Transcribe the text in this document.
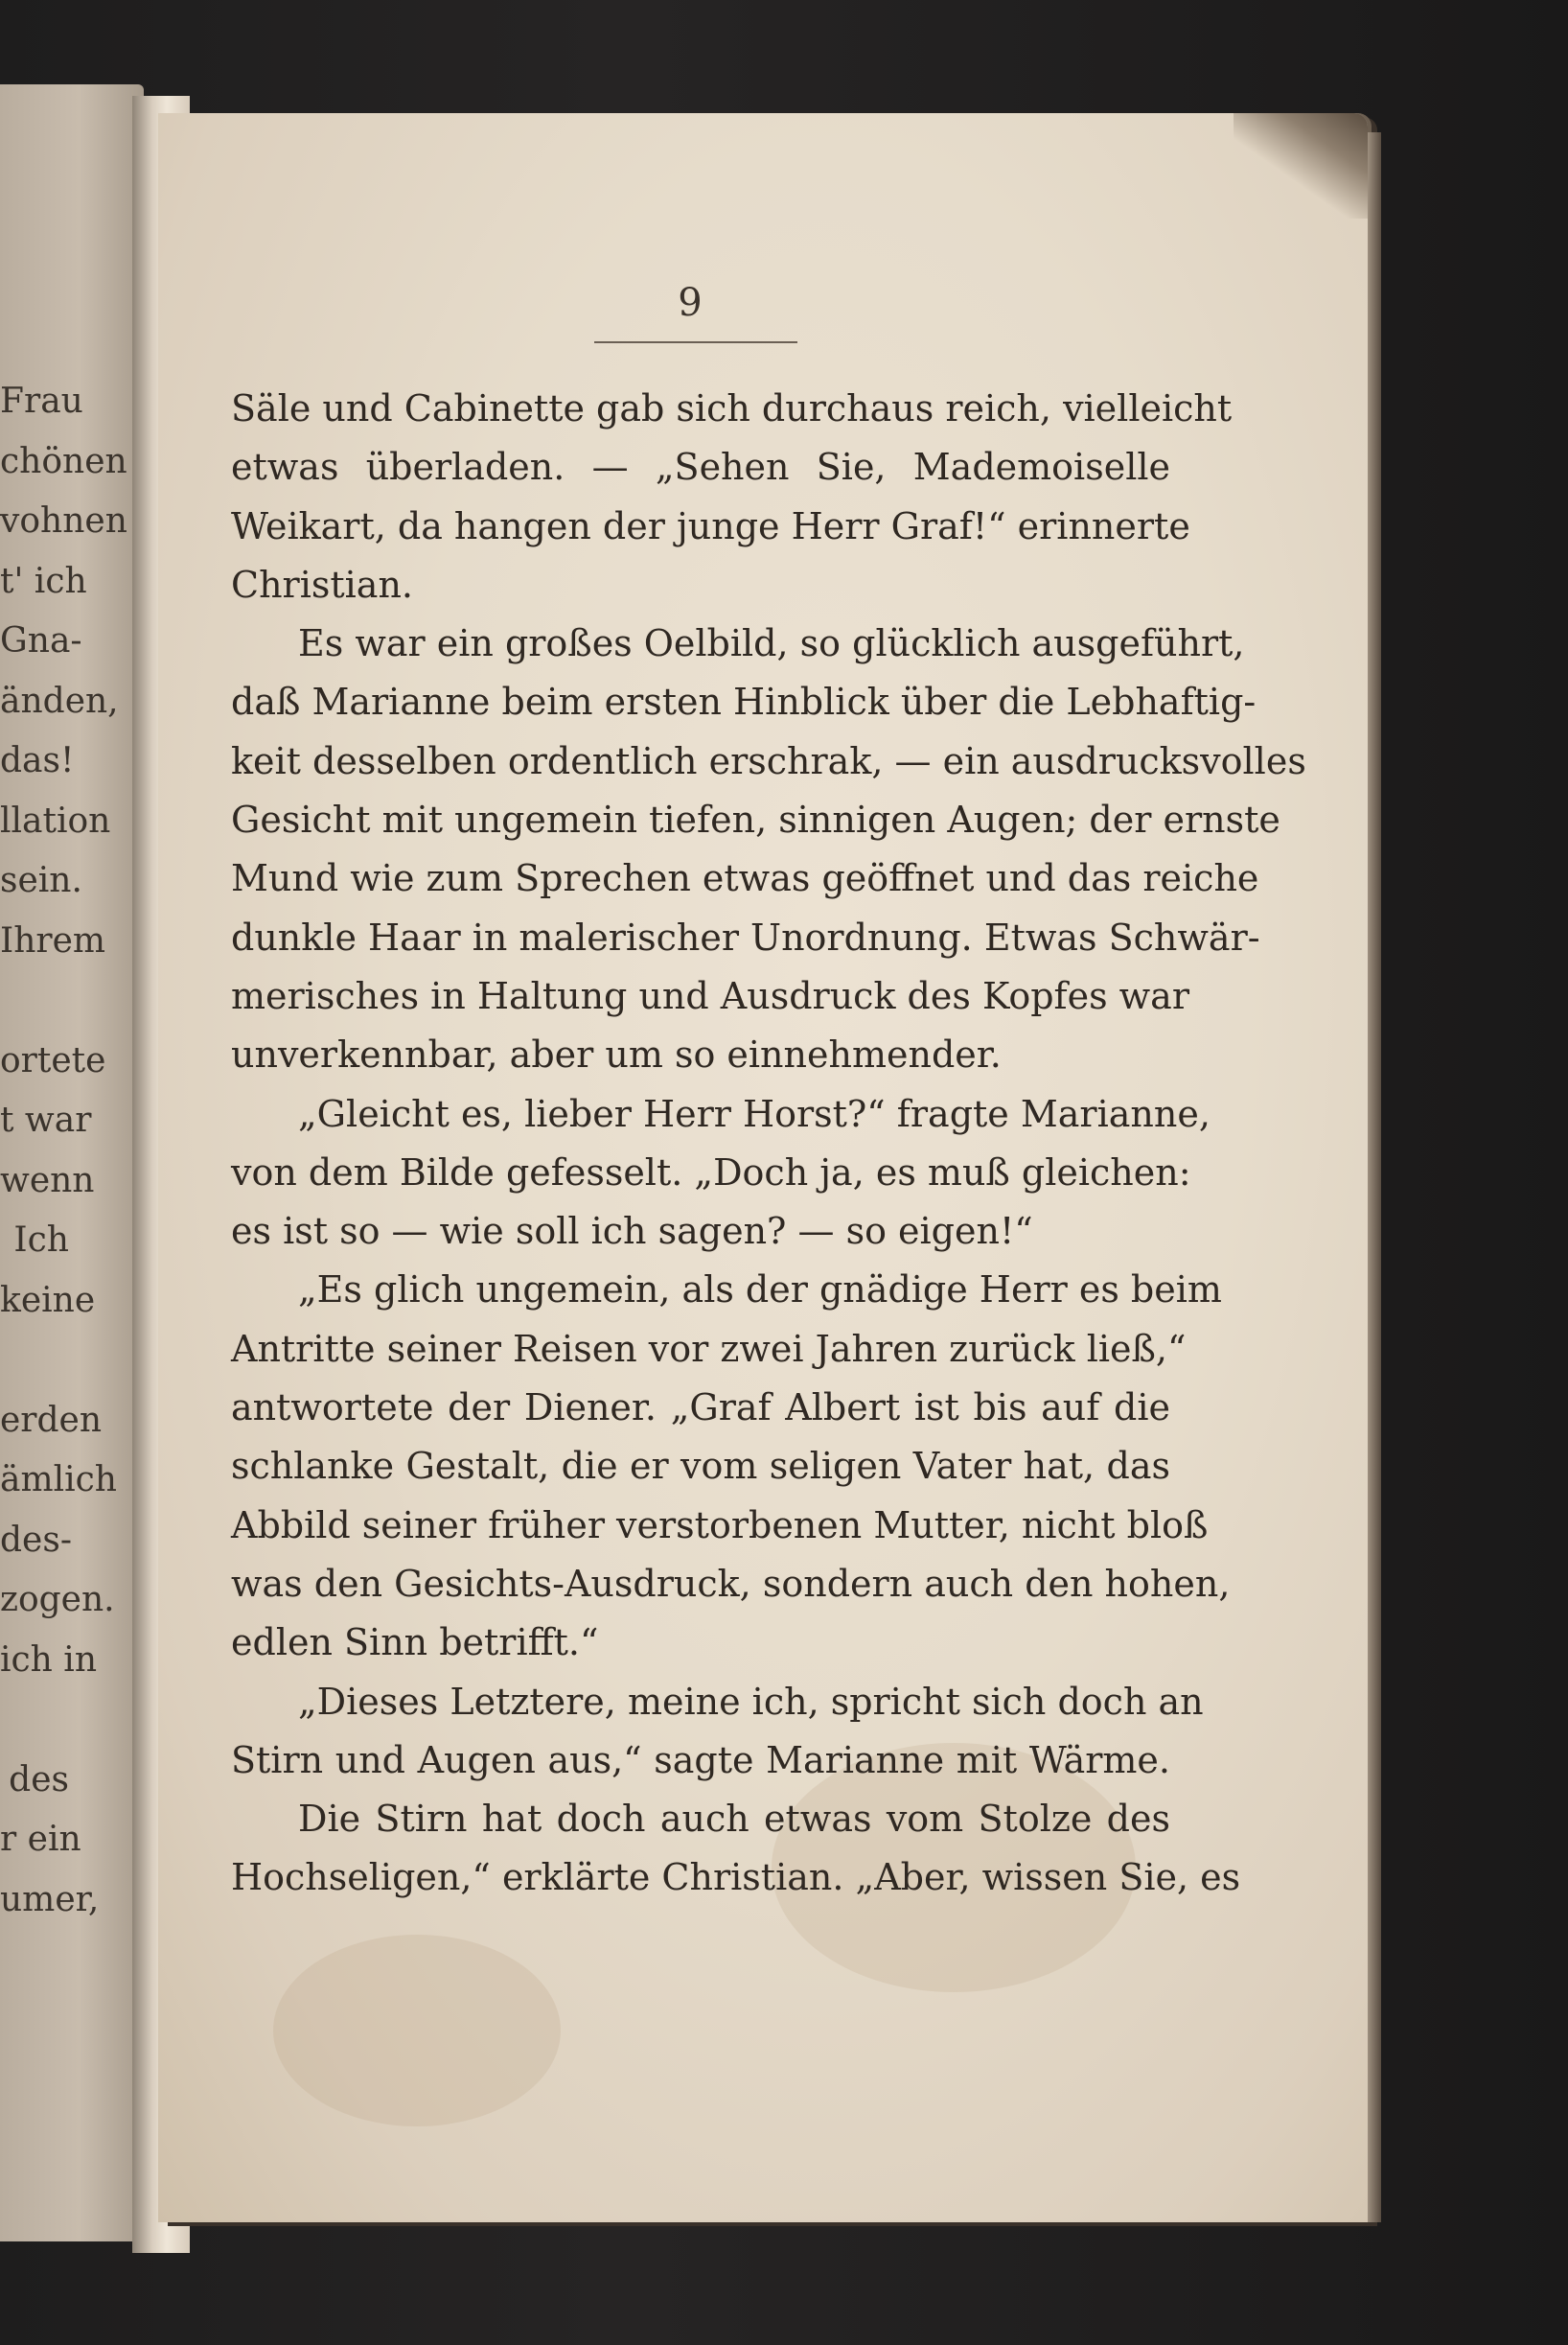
Frau
chönen
vohnen
t' ich
Gna-
änden,
das!
llation
sein.
Ihrem
ortete
t war
wenn
Ich
keine
erden
ämlich
des-
zogen.
ich in
des
r ein
umer,
9
Säle und Cabinette gab sich durchaus reich, vielleicht
etwas überladen. — „Sehen Sie, Mademoiselle
Weikart, da hangen der junge Herr Graf!“ erinnerte
Christian.
Es war ein großes Oelbild, so glücklich ausgeführt,
daß Marianne beim ersten Hinblick über die Lebhaftig-
keit desselben ordentlich erschrak, — ein ausdrucksvolles
Gesicht mit ungemein tiefen, sinnigen Augen; der ernste
Mund wie zum Sprechen etwas geöffnet und das reiche
dunkle Haar in malerischer Unordnung. Etwas Schwär-
merisches in Haltung und Ausdruck des Kopfes war
unverkennbar, aber um so einnehmender.
„Gleicht es, lieber Herr Horst?“ fragte Marianne,
von dem Bilde gefesselt. „Doch ja, es muß gleichen:
es ist so — wie soll ich sagen? — so eigen!“
„Es glich ungemein, als der gnädige Herr es beim
Antritte seiner Reisen vor zwei Jahren zurück ließ,“
antwortete der Diener. „Graf Albert ist bis auf die
schlanke Gestalt, die er vom seligen Vater hat, das
Abbild seiner früher verstorbenen Mutter, nicht bloß
was den Gesichts-Ausdruck, sondern auch den hohen,
edlen Sinn betrifft.“
„Dieses Letztere, meine ich, spricht sich doch an
Stirn und Augen aus,“ sagte Marianne mit Wärme.
Die Stirn hat doch auch etwas vom Stolze des
Hochseligen,“ erklärte Christian. „Aber, wissen Sie, es
